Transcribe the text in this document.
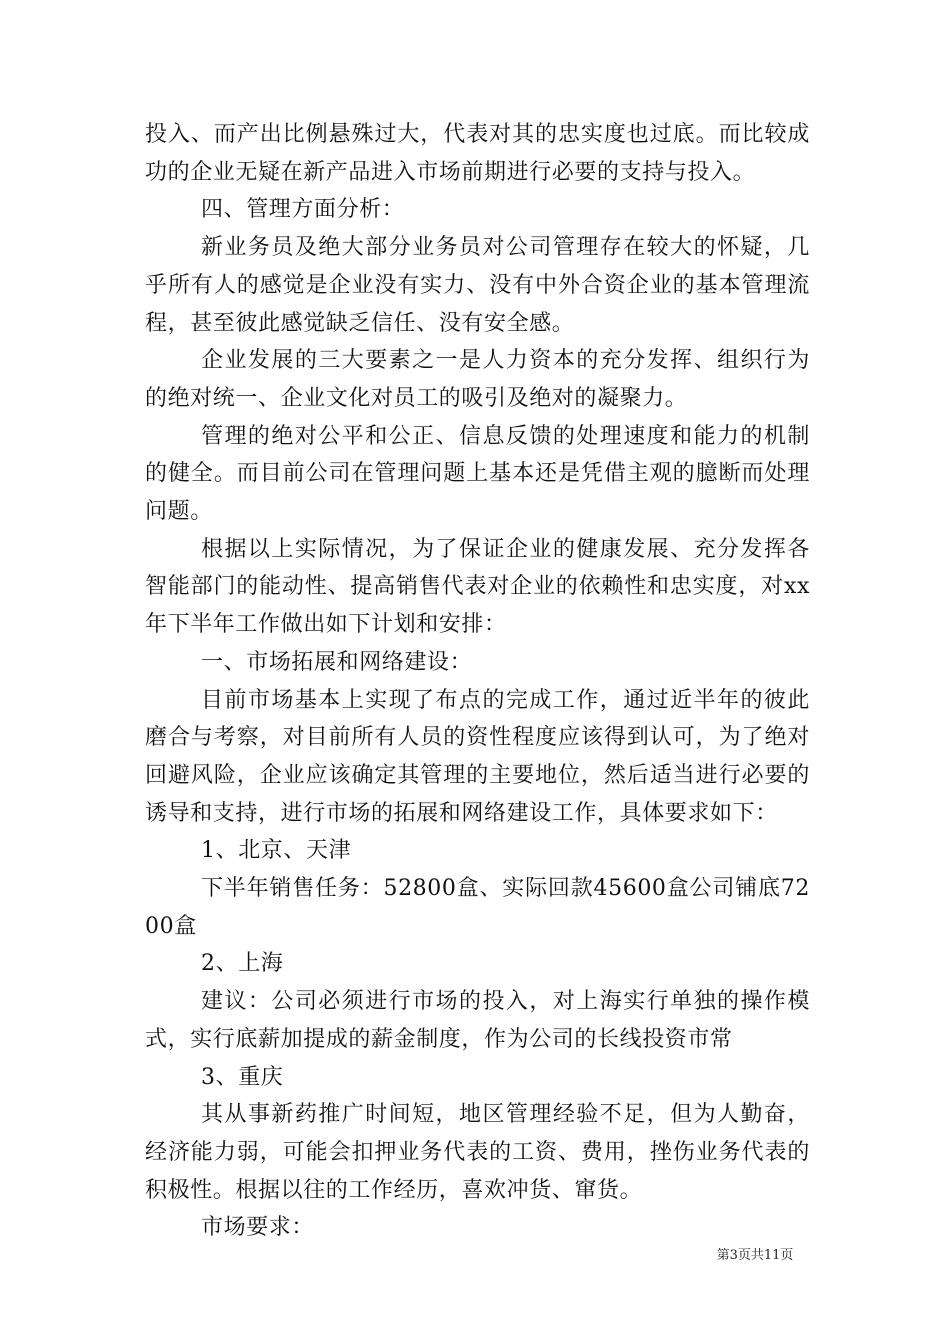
投入、而产出比例悬殊过大，代表对其的忠实度也过底。而比较成功的企业无疑在新产品进入市场前期进行必要的支持与投入。

四、管理方面分析：

新业务员及绝大部分业务员对公司管理存在较大的怀疑，几乎所有人的感觉是企业没有实力、没有中外合资企业的基本管理流程，甚至彼此感觉缺乏信任、没有安全感。

企业发展的三大要素之一是人力资本的充分发挥、组织行为的绝对统一、企业文化对员工的吸引及绝对的凝聚力。

管理的绝对公平和公正、信息反馈的处理速度和能力的机制的健全。而目前公司在管理问题上基本还是凭借主观的臆断而处理问题。

根据以上实际情况，为了保证企业的健康发展、充分发挥各智能部门的能动性、提高销售代表对企业的依赖性和忠实度，对xx年下半年工作做出如下计划和安排：

一、市场拓展和网络建设：

目前市场基本上实现了布点的完成工作，通过近半年的彼此磨合与考察，对目前所有人员的资性程度应该得到认可，为了绝对回避风险，企业应该确定其管理的主要地位，然后适当进行必要的诱导和支持，进行市场的拓展和网络建设工作，具体要求如下：

1、北京、天津

下半年销售任务：52800盒、实际回款45600盒公司铺底7200盒

2、上海

建议：公司必须进行市场的投入，对上海实行单独的操作模式，实行底薪加提成的薪金制度，作为公司的长线投资市常

3、重庆

其从事新药推广时间短，地区管理经验不足，但为人勤奋，经济能力弱，可能会扣押业务代表的工资、费用，挫伤业务代表的积极性。根据以往的工作经历，喜欢冲货、窜货。

市场要求：

第3页共11页
